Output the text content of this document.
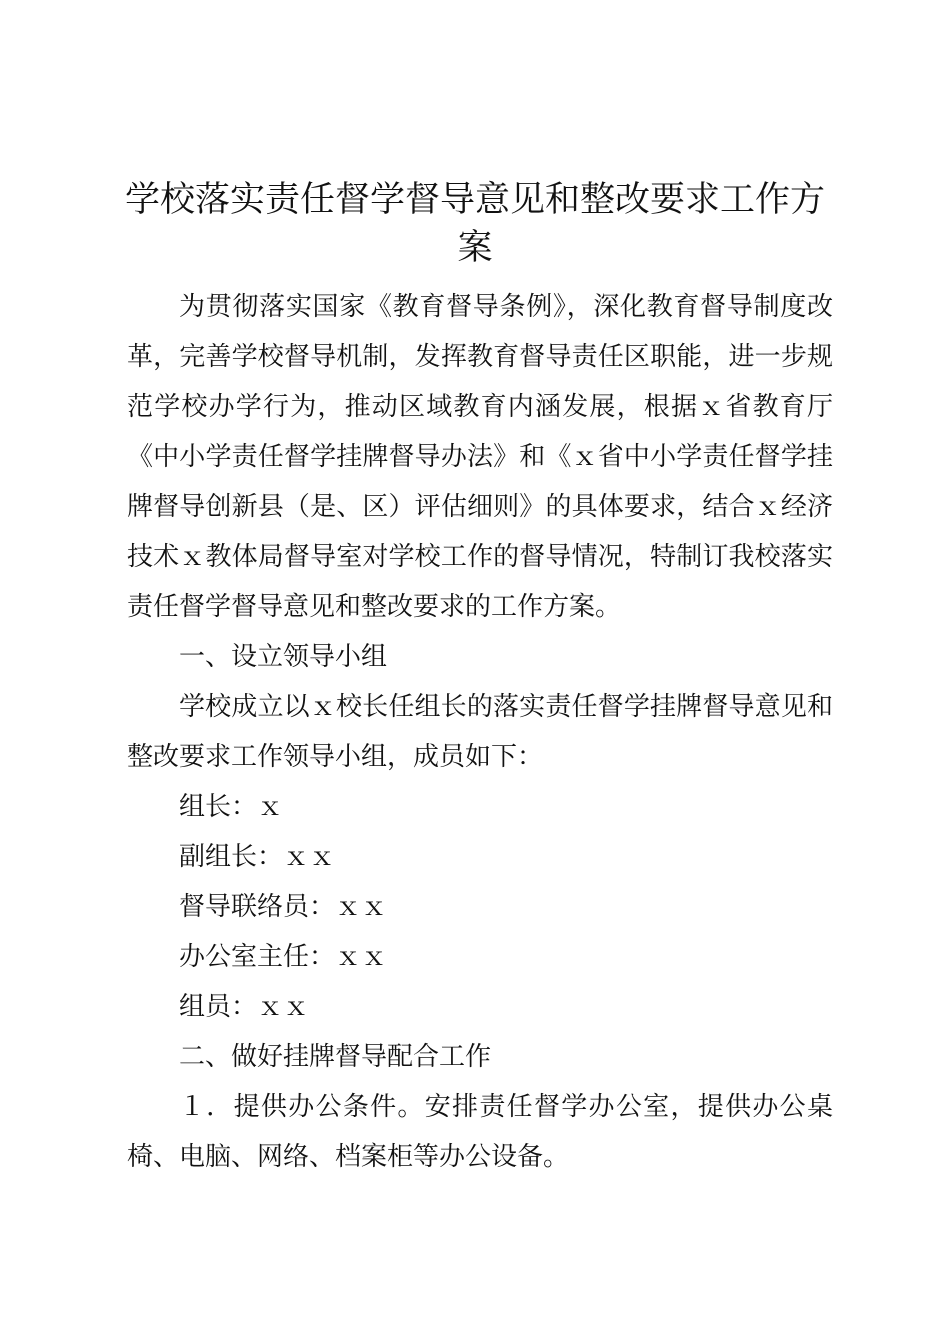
学校落实责任督学督导意见和整改要求工作方案

为贯彻落实国家《教育督导条例》，深化教育督导制度改革，完善学校督导机制，发挥教育督导责任区职能，进一步规范学校办学行为，推动区域教育内涵发展，根据ｘ省教育厅《中小学责任督学挂牌督导办法》和《ｘ省中小学责任督学挂牌督导创新县（是、区）评估细则》的具体要求，结合ｘ经济技术ｘ教体局督导室对学校工作的督导情况，特制订我校落实责任督学督导意见和整改要求的工作方案。

一、设立领导小组

学校成立以ｘ校长任组长的落实责任督学挂牌督导意见和整改要求工作领导小组，成员如下：

组长：ｘ

副组长：ｘｘ

督导联络员：ｘｘ

办公室主任：ｘｘ

组员：ｘｘ

二、做好挂牌督导配合工作

１．提供办公条件。安排责任督学办公室，提供办公桌椅、电脑、网络、档案柜等办公设备。
